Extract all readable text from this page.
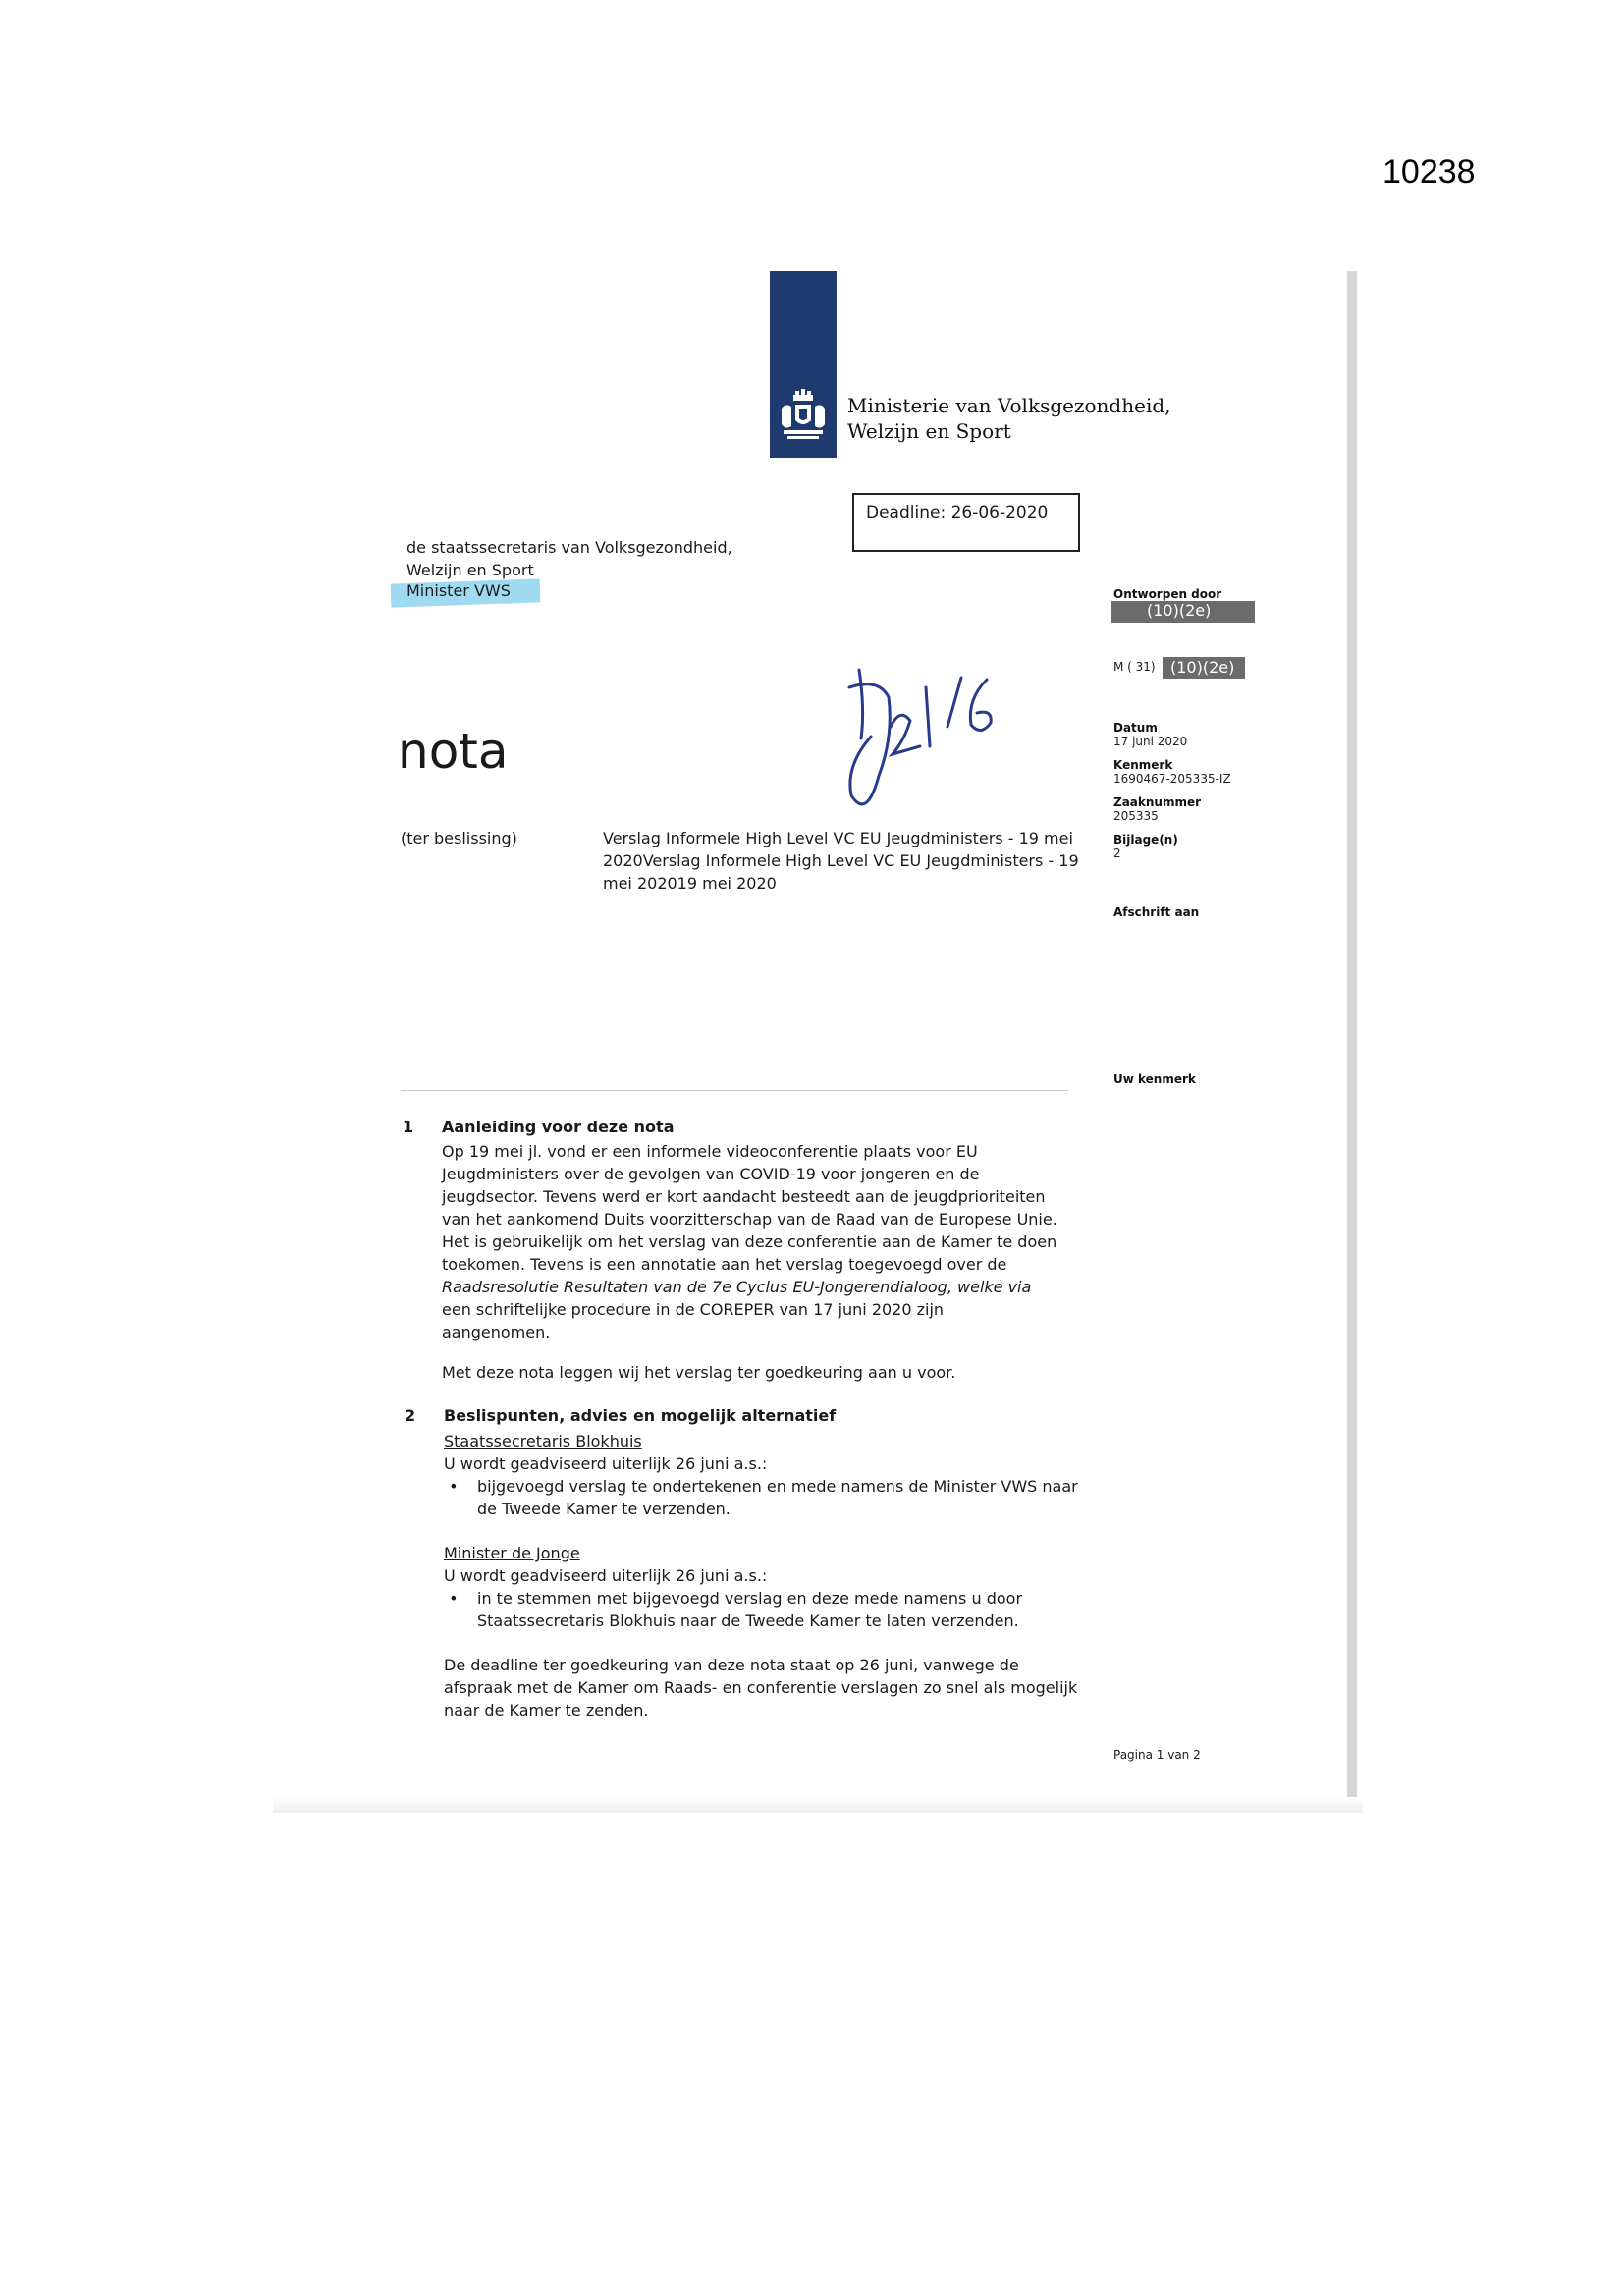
10238
Ministerie van Volksgezondheid,
Welzijn en Sport
Deadline: 26-06-2020
de staatssecretaris van Volksgezondheid,
Welzijn en Sport
Minister VWS
nota
(ter beslissing)	Verslag Informele High Level VC EU Jeugdministers - 19 mei 2020Verslag Informele High Level VC EU Jeugdministers - 19 mei 202019 mei 2020
Ontworpen door
(10)(2e)
M ( 31) (10)(2e)
Datum
17 juni 2020
Kenmerk
1690467-205335-IZ
Zaaknummer
205335
Bijlage(n)
2
Afschrift aan
Uw kenmerk
1 Aanleiding voor deze nota
Op 19 mei jl. vond er een informele videoconferentie plaats voor EU
Jeugdministers over de gevolgen van COVID-19 voor jongeren en de
jeugdsector. Tevens werd er kort aandacht besteedt aan de jeugdprioriteiten
van het aankomend Duits voorzitterschap van de Raad van de Europese Unie.
Het is gebruikelijk om het verslag van deze conferentie aan de Kamer te doen
toekomen. Tevens is een annotatie aan het verslag toegevoegd over de
Raadsresolutie Resultaten van de 7e Cyclus EU-Jongerendialoog, welke via
een schriftelijke procedure in de COREPER van 17 juni 2020 zijn
aangenomen.
Met deze nota leggen wij het verslag ter goedkeuring aan u voor.
2 Beslispunten, advies en mogelijk alternatief
Staatssecretaris Blokhuis
U wordt geadviseerd uiterlijk 26 juni a.s.:
•	bijgevoegd verslag te ondertekenen en mede namens de Minister VWS naar de Tweede Kamer te verzenden.
Minister de Jonge
U wordt geadviseerd uiterlijk 26 juni a.s.:
•	in te stemmen met bijgevoegd verslag en deze mede namens u door Staatssecretaris Blokhuis naar de Tweede Kamer te laten verzenden.
De deadline ter goedkeuring van deze nota staat op 26 juni, vanwege de afspraak met de Kamer om Raads- en conferentie verslagen zo snel als mogelijk naar de Kamer te zenden.
Pagina 1 van 2
